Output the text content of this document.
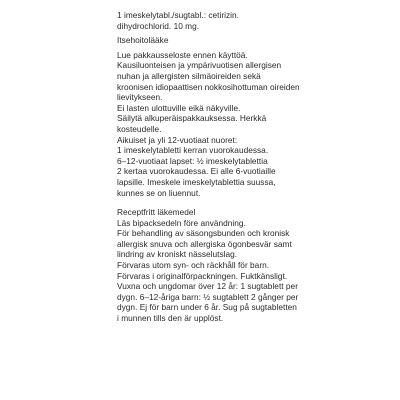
1 imeskelytabl./sugtabl.: cetirizin.
dihydrochlorid. 10 mg.
Itsehoitolääke
Lue pakkausseloste ennen käyttöä.
Kausiluonteisen ja ympärivuotisen allergisen
nuhan ja allergisten silmäoireiden sekä
kroonisen idiopaattisen nokkosihottuman oireiden
lievitykseen.
Ei lasten ulottuville eikä näkyville.
Säilytä alkuperäispakkauksessa. Herkkä
kosteudelle.
Aikuiset ja yli 12-vuotiaat nuoret:
1 imeskelytabletti kerran vuorokaudessa.
6–12-vuotiaat lapset: ½ imeskelytablettia
2 kertaa vuorokaudessa. Ei alle 6-vuotiaille
lapsille. Imeskele imeskelytablettia suussa,
kunnes se on liuennut.
Receptfritt läkemedel
Läs bipacksedeln före användning.
För behandling av säsongsbunden och kronisk
allergisk snuva och allergiska ögonbesvär samt
lindring av kroniskt nässelutslag.
Förvaras utom syn- och räckhåll för barn.
Förvaras i originalförpackningen. Fuktkänsligt.
Vuxna och ungdomar över 12 år: 1 sugtablett per
dygn. 6–12-åriga barn: ½ sugtablett 2 gånger per
dygn. Ej för barn under 6 år. Sug på sugtabletten
i munnen tills den är upplöst.
